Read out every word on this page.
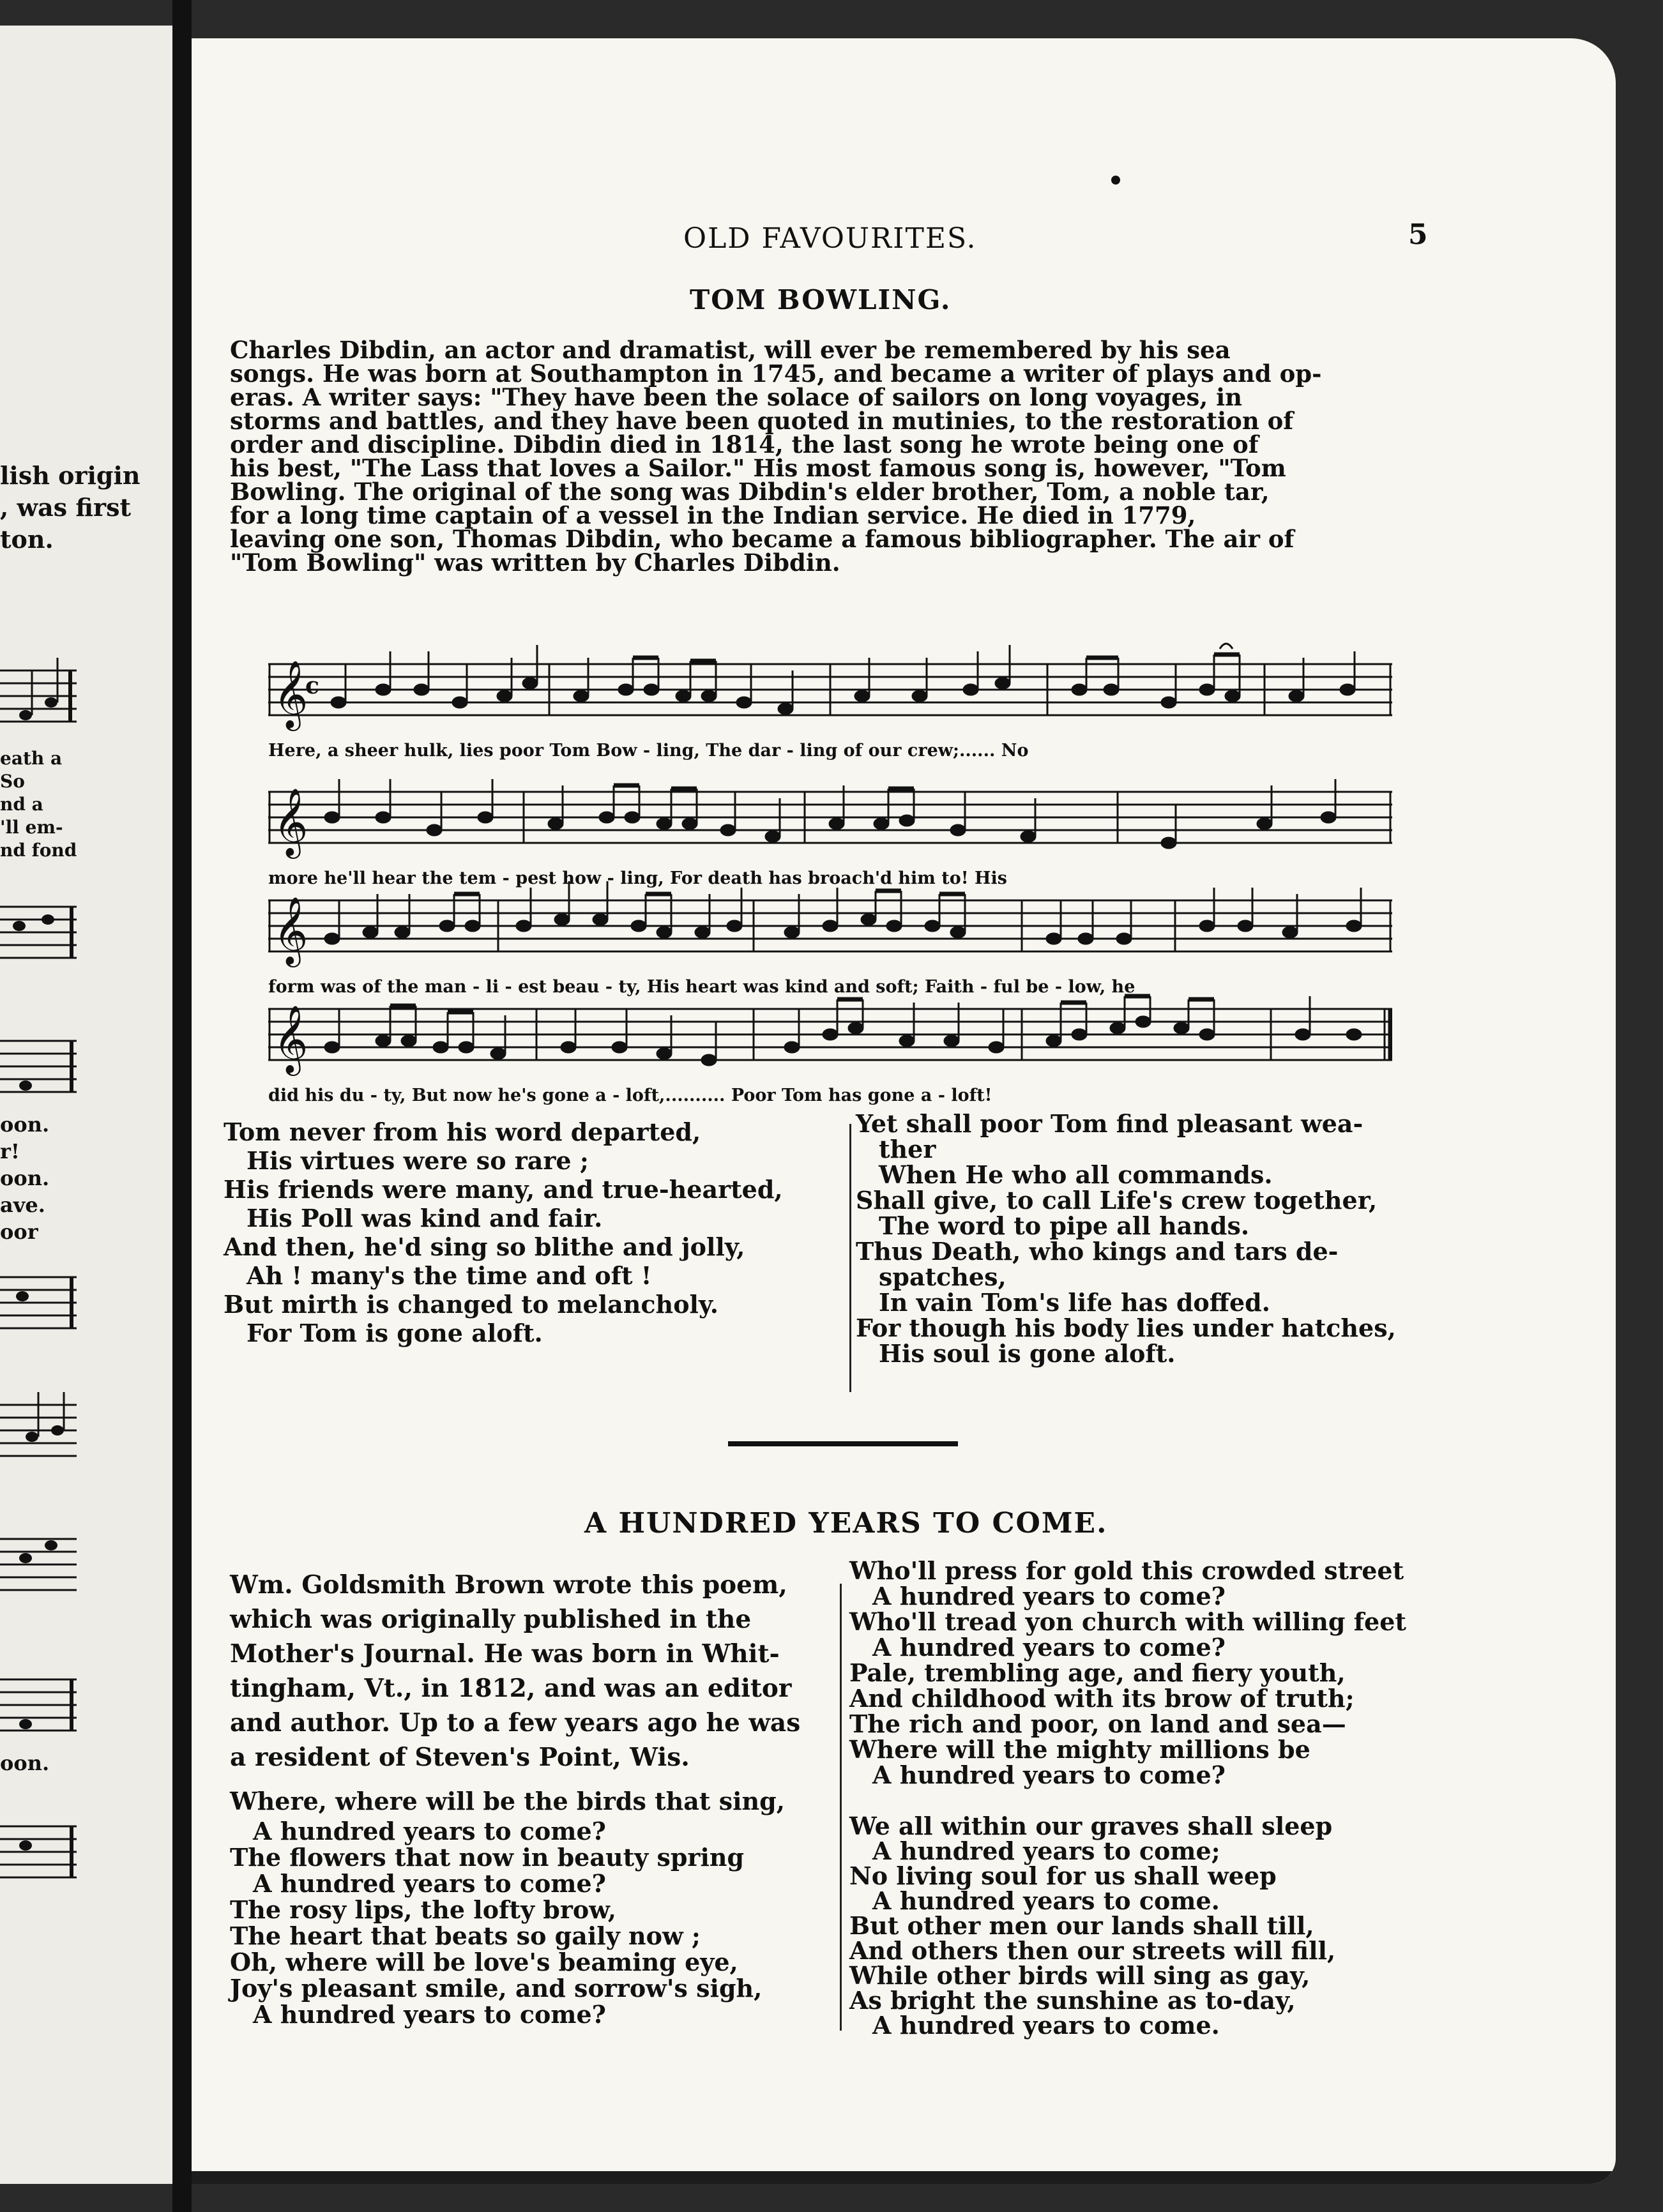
lish origin
, was first
ton.
eath a
So
nd a
'll em-
nd fond
oon.
r!
oon.
ave.
oor
oon.
OLD FAVOURITES.	5
TOM BOWLING.
Charles Dibdin, an actor and dramatist, will ever be remembered by his sea
songs. He was born at Southampton in 1745, and became a writer of plays and op-
eras. A writer says: "They have been the solace of sailors on long voyages, in
storms and battles, and they have been quoted in mutinies, to the restoration of
order and discipline. Dibdin died in 1814, the last song he wrote being one of
his best, "The Lass that loves a Sailor." His most famous song is, however, "Tom
Bowling. The original of the song was Dibdin's elder brother, Tom, a noble tar,
for a long time captain of a vessel in the Indian service. He died in 1779,
leaving one son, Thomas Dibdin, who became a famous bibliographer. The air of
"Tom Bowling" was written by Charles Dibdin.
𝄞
c
Here, a sheer hulk, lies poor Tom Bow - ling, The dar - ling of our crew;...... No
𝄞
more he'll hear the tem - pest how - ling, For death has broach'd him to! His
𝄞
form was of the man - li - est beau - ty, His heart was kind and soft; Faith - ful be - low, he
𝄞
did his du - ty, But now he's gone a - loft,.......... Poor Tom has gone a - loft!
Tom never from his word departed,
His virtues were so rare ;
His friends were many, and true-hearted,
His Poll was kind and fair.
And then, he'd sing so blithe and jolly,
Ah ! many's the time and oft !
But mirth is changed to melancholy.
For Tom is gone aloft.
Yet shall poor Tom find pleasant wea-
ther
When He who all commands.
Shall give, to call Life's crew together,
The word to pipe all hands.
Thus Death, who kings and tars de-
spatches,
In vain Tom's life has doffed.
For though his body lies under hatches,
His soul is gone aloft.
A HUNDRED YEARS TO COME.
Wm. Goldsmith Brown wrote this poem,
which was originally published in the
Mother's Journal. He was born in Whit-
tingham, Vt., in 1812, and was an editor
and author. Up to a few years ago he was
a resident of Steven's Point, Wis.
Where, where will be the birds that sing,
A hundred years to come?
The flowers that now in beauty spring
A hundred years to come?
The rosy lips, the lofty brow,
The heart that beats so gaily now ;
Oh, where will be love's beaming eye,
Joy's pleasant smile, and sorrow's sigh,
A hundred years to come?
Who'll press for gold this crowded street
A hundred years to come?
Who'll tread yon church with willing feet
A hundred years to come?
Pale, trembling age, and fiery youth,
And childhood with its brow of truth;
The rich and poor, on land and sea—
Where will the mighty millions be
A hundred years to come?
We all within our graves shall sleep
A hundred years to come;
No living soul for us shall weep
A hundred years to come.
But other men our lands shall till,
And others then our streets will fill,
While other birds will sing as gay,
As bright the sunshine as to-day,
A hundred years to come.
